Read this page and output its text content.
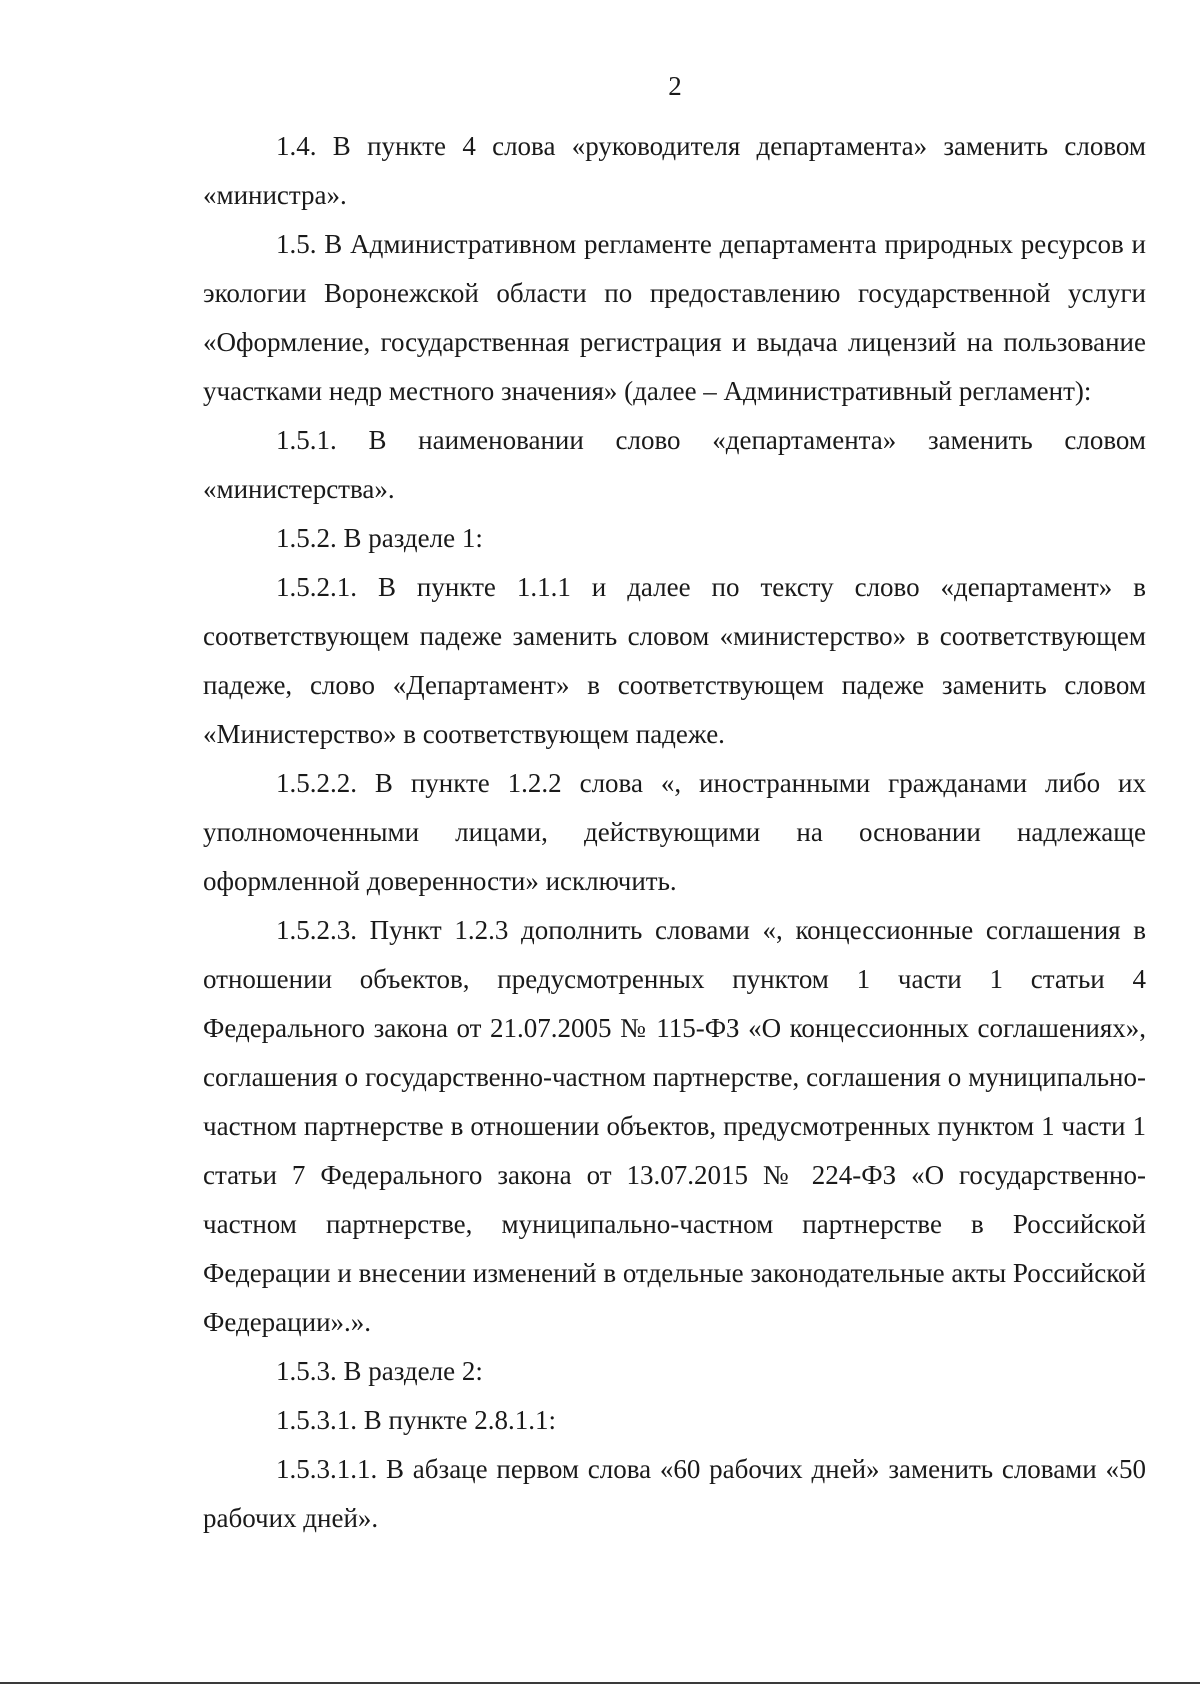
2

1.4. В пункте 4 слова «руководителя департамента» заменить словом «министра».

1.5. В Административном регламенте департамента природных ресурсов и экологии Воронежской области по предоставлению государственной услуги «Оформление, государственная регистрация и выдача лицензий на пользование участками недр местного значения» (далее – Административный регламент):

1.5.1. В наименовании слово «департамента» заменить словом «министерства».

1.5.2. В разделе 1:

1.5.2.1. В пункте 1.1.1 и далее по тексту слово «департамент» в соответствующем падеже заменить словом «министерство» в соответствующем падеже, слово «Департамент» в соответствующем падеже заменить словом «Министерство» в соответствующем падеже.

1.5.2.2. В пункте 1.2.2 слова «, иностранными гражданами либо их уполномоченными лицами, действующими на основании надлежаще оформленной доверенности» исключить.

1.5.2.3. Пункт 1.2.3 дополнить словами «, концессионные соглашения в отношении объектов, предусмотренных пунктом 1 части 1 статьи 4 Федерального закона от 21.07.2005 № 115-ФЗ «О концессионных соглашениях», соглашения о государственно-частном партнерстве, соглашения о муниципально-частном партнерстве в отношении объектов, предусмотренных пунктом 1 части 1 статьи 7 Федерального закона от 13.07.2015 № 224-ФЗ «О государственно-частном партнерстве, муниципально-частном партнерстве в Российской Федерации и внесении изменений в отдельные законодательные акты Российской Федерации».».

1.5.3. В разделе 2:

1.5.3.1. В пункте 2.8.1.1:

1.5.3.1.1. В абзаце первом слова «60 рабочих дней» заменить словами «50 рабочих дней».
